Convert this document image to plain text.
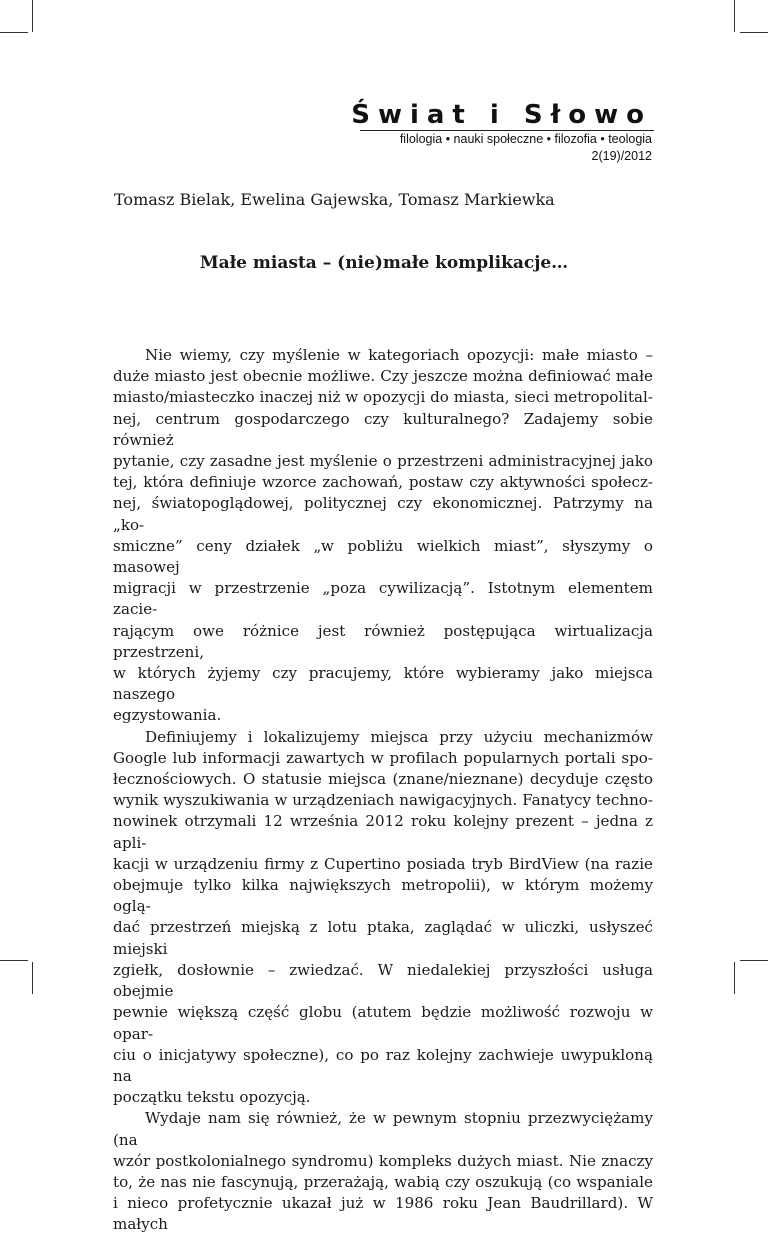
Świat i Słowo
filologia • nauki społeczne • filozofia • teologia
2(19)/2012
Tomasz Bielak, Ewelina Gajewska, Tomasz Markiewka
Małe miasta – (nie)małe komplikacje…

Nie wiemy, czy myślenie w kategoriach opozycji: małe miasto –
duże miasto jest obecnie możliwe. Czy jeszcze można definiować małe
miasto/miasteczko inaczej niż w opozycji do miasta, sieci metropolital-
nej, centrum gospodarczego czy kulturalnego? Zadajemy sobie również
pytanie, czy zasadne jest myślenie o przestrzeni administracyjnej jako
tej, która definiuje wzorce zachowań, postaw czy aktywności społecz-
nej, światopoglądowej, politycznej czy ekonomicznej. Patrzymy na „ko-
smiczne” ceny działek „w pobliżu wielkich miast”, słyszymy o masowej
migracji w przestrzenie „poza cywilizacją”. Istotnym elementem zacie-
rającym owe różnice jest również postępująca wirtualizacja przestrzeni,
w których żyjemy czy pracujemy, które wybieramy jako miejsca naszego
egzystowania.

Definiujemy i lokalizujemy miejsca przy użyciu mechanizmów
Google lub informacji zawartych w profilach popularnych portali spo-
łecznościowych. O statusie miejsca (znane/nieznane) decyduje często
wynik wyszukiwania w urządzeniach nawigacyjnych. Fanatycy techno-
nowinek otrzymali 12 września 2012 roku kolejny prezent – jedna z apli-
kacji w urządzeniu firmy z Cupertino posiada tryb BirdView (na razie
obejmuje tylko kilka największych metropolii), w którym możemy oglą-
dać przestrzeń miejską z lotu ptaka, zaglądać w uliczki, usłyszeć miejski
zgiełk, dosłownie – zwiedzać. W niedalekiej przyszłości usługa obejmie
pewnie większą część globu (atutem będzie możliwość rozwoju w opar-
ciu o inicjatywy społeczne), co po raz kolejny zachwieje uwypukloną na
początku tekstu opozycją.

Wydaje nam się również, że w pewnym stopniu przezwyciężamy (na
wzór postkolonialnego syndromu) kompleks dużych miast. Nie znaczy
to, że nas nie fascynują, przerażają, wabią czy oszukują (co wspaniale
i nieco profetycznie ukazał już w 1986 roku Jean Baudrillard). W małych
